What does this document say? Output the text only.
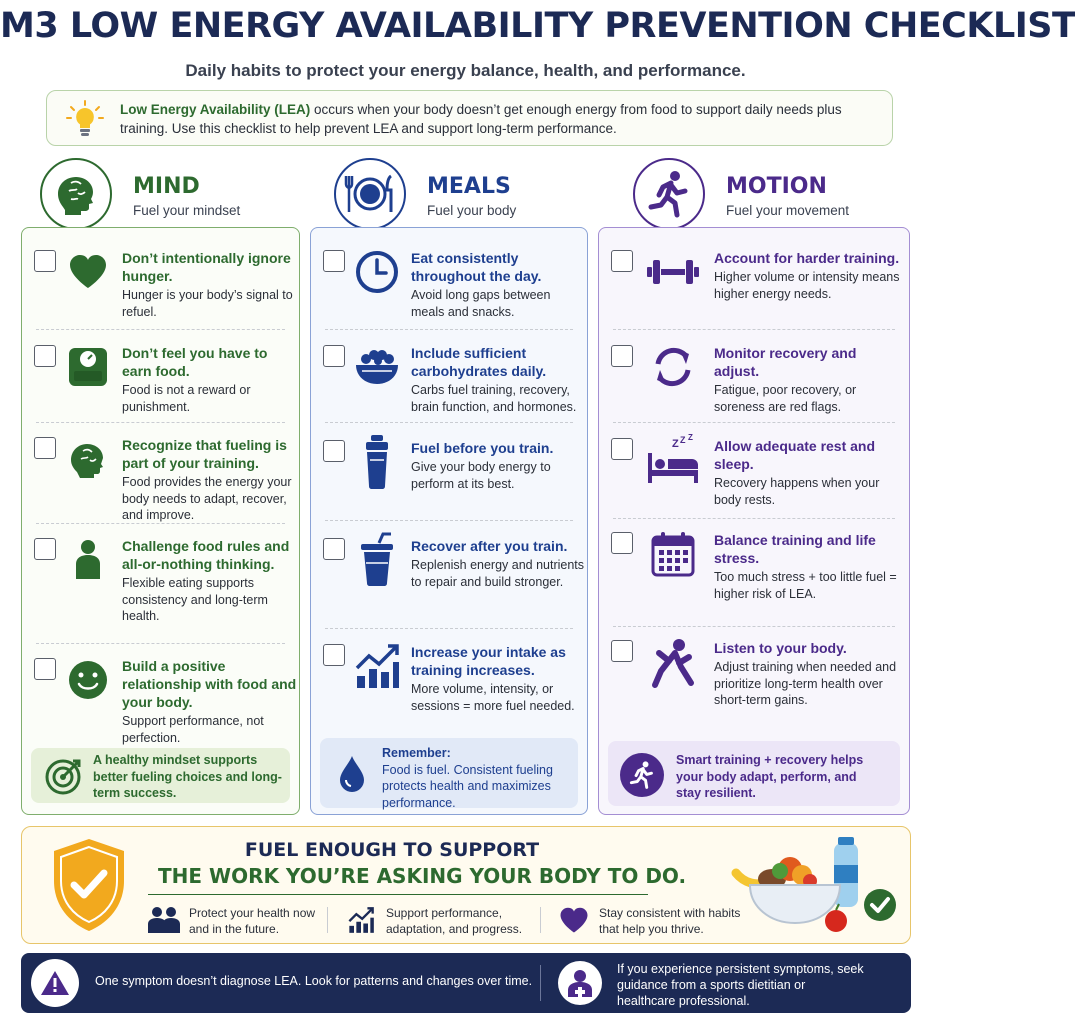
M3 LOW ENERGY AVAILABILITY PREVENTION CHECKLIST
Daily habits to protect your energy balance, health, and performance.

Low Energy Availability (LEA) occurs when your body doesn’t get enough energy from food to support daily needs plus training. Use this checklist to help prevent LEA and support long-term performance.

MIND
Fuel your mindset
MEALS
Fuel your body
MOTION
Fuel your movement
Don’t intentionally ignore hunger.
Hunger is your body’s signal to refuel.
Don’t feel you have to earn food.
Food is not a reward or punishment.
Recognize that fueling is part of your training.
Food provides the energy your body needs to adapt, recover, and improve.
Challenge food rules and all-or-nothing thinking.
Flexible eating supports consistency and long-term health.
Build a positive relationship with food and your body.
Support performance, not perfection.
A healthy mindset supports better fueling choices and long-term success.
Eat consistently throughout the day.
Avoid long gaps between meals and snacks.
Include sufficient carbohydrates daily.
Carbs fuel training, recovery, brain function, and hormones.
Fuel before you train.
Give your body energy to perform at its best.
Recover after you train.
Replenish energy and nutrients to repair and build stronger.
Increase your intake as training increases.
More volume, intensity, or sessions = more fuel needed.
Remember:
Food is fuel. Consistent fueling protects health and maximizes performance.
Account for harder training.
Higher volume or intensity means higher energy needs.
Monitor recovery and adjust.
Fatigue, poor recovery, or soreness are red flags.
Z Z Z
Allow adequate rest and sleep.
Recovery happens when your body rests.
Balance training and life stress.
Too much stress + too little fuel = higher risk of LEA.
Listen to your body.
Adjust training when needed and prioritize long-term health over short-term gains.
Smart training + recovery helps your body adapt, perform, and stay resilient.
FUEL ENOUGH TO SUPPORT
THE WORK YOU’RE ASKING YOUR BODY TO DO.
Protect your health now and in the future.
Support performance, adaptation, and progress.
Stay consistent with habits that help you thrive.
One symptom doesn’t diagnose LEA. Look for patterns and changes over time.
If you experience persistent symptoms, seek guidance from a sports dietitian or healthcare professional.
